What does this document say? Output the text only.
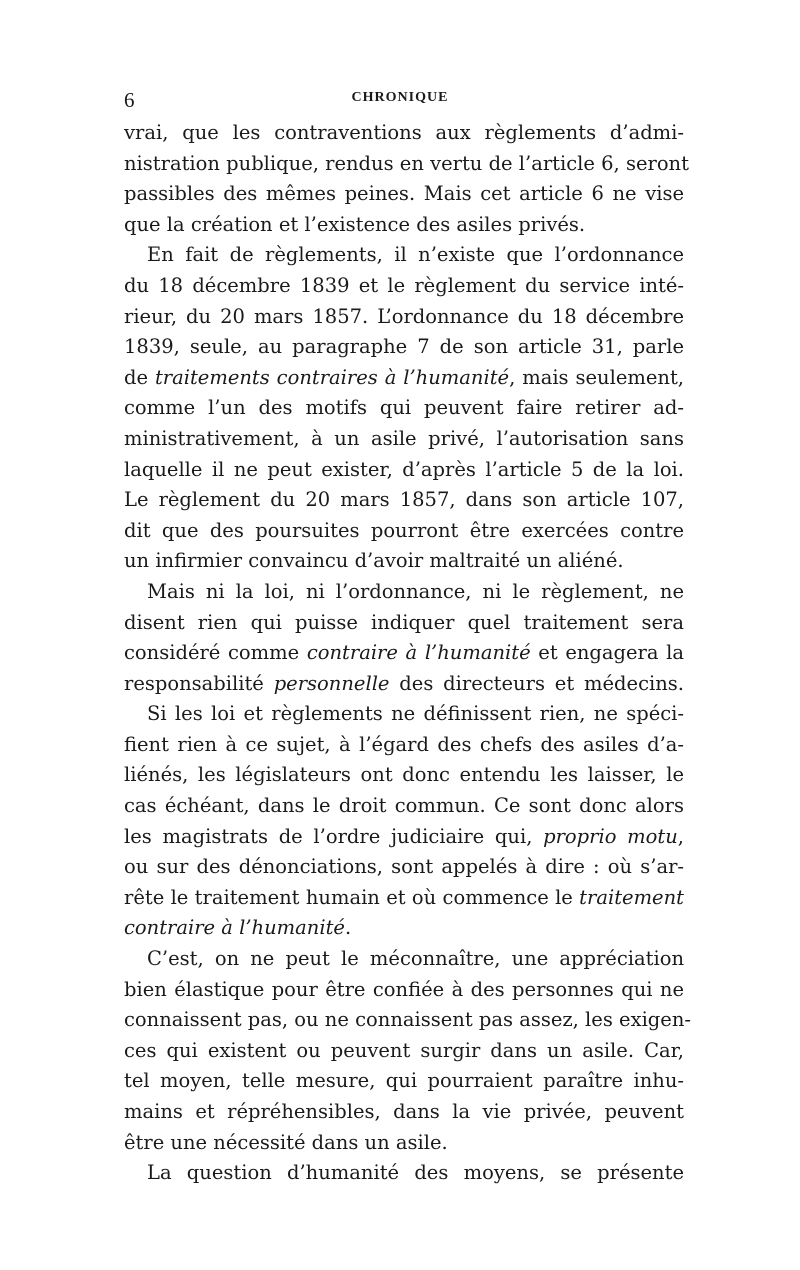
6	CHRONIQUE
vrai, que les contraventions aux règlements d’admi-
nistration publique, rendus en vertu de l’article 6, seront
passibles des mêmes peines. Mais cet article 6 ne vise
que la création et l’existence des asiles privés.
En fait de règlements, il n’existe que l’ordonnance
du 18 décembre 1839 et le règlement du service inté-
rieur, du 20 mars 1857. L’ordonnance du 18 décembre
1839, seule, au paragraphe 7 de son article 31, parle
de traitements contraires à l’humanité, mais seulement,
comme l’un des motifs qui peuvent faire retirer ad-
ministrativement, à un asile privé, l’autorisation sans
laquelle il ne peut exister, d’après l’article 5 de la loi.
Le règlement du 20 mars 1857, dans son article 107,
dit que des poursuites pourront être exercées contre
un infirmier convaincu d’avoir maltraité un aliéné.
Mais ni la loi, ni l’ordonnance, ni le règlement, ne
disent rien qui puisse indiquer quel traitement sera
considéré comme contraire à l’humanité et engagera la
responsabilité personnelle des directeurs et médecins.
Si les loi et règlements ne définissent rien, ne spéci-
fient rien à ce sujet, à l’égard des chefs des asiles d’a-
liénés, les législateurs ont donc entendu les laisser, le
cas échéant, dans le droit commun. Ce sont donc alors
les magistrats de l’ordre judiciaire qui, proprio motu,
ou sur des dénonciations, sont appelés à dire : où s’ar-
rête le traitement humain et où commence le traitement
contraire à l’humanité.
C’est, on ne peut le méconnaître, une appréciation
bien élastique pour être confiée à des personnes qui ne
connaissent pas, ou ne connaissent pas assez, les exigen-
ces qui existent ou peuvent surgir dans un asile. Car,
tel moyen, telle mesure, qui pourraient paraître inhu-
mains et répréhensibles, dans la vie privée, peuvent
être une nécessité dans un asile.
La question d’humanité des moyens, se présente
